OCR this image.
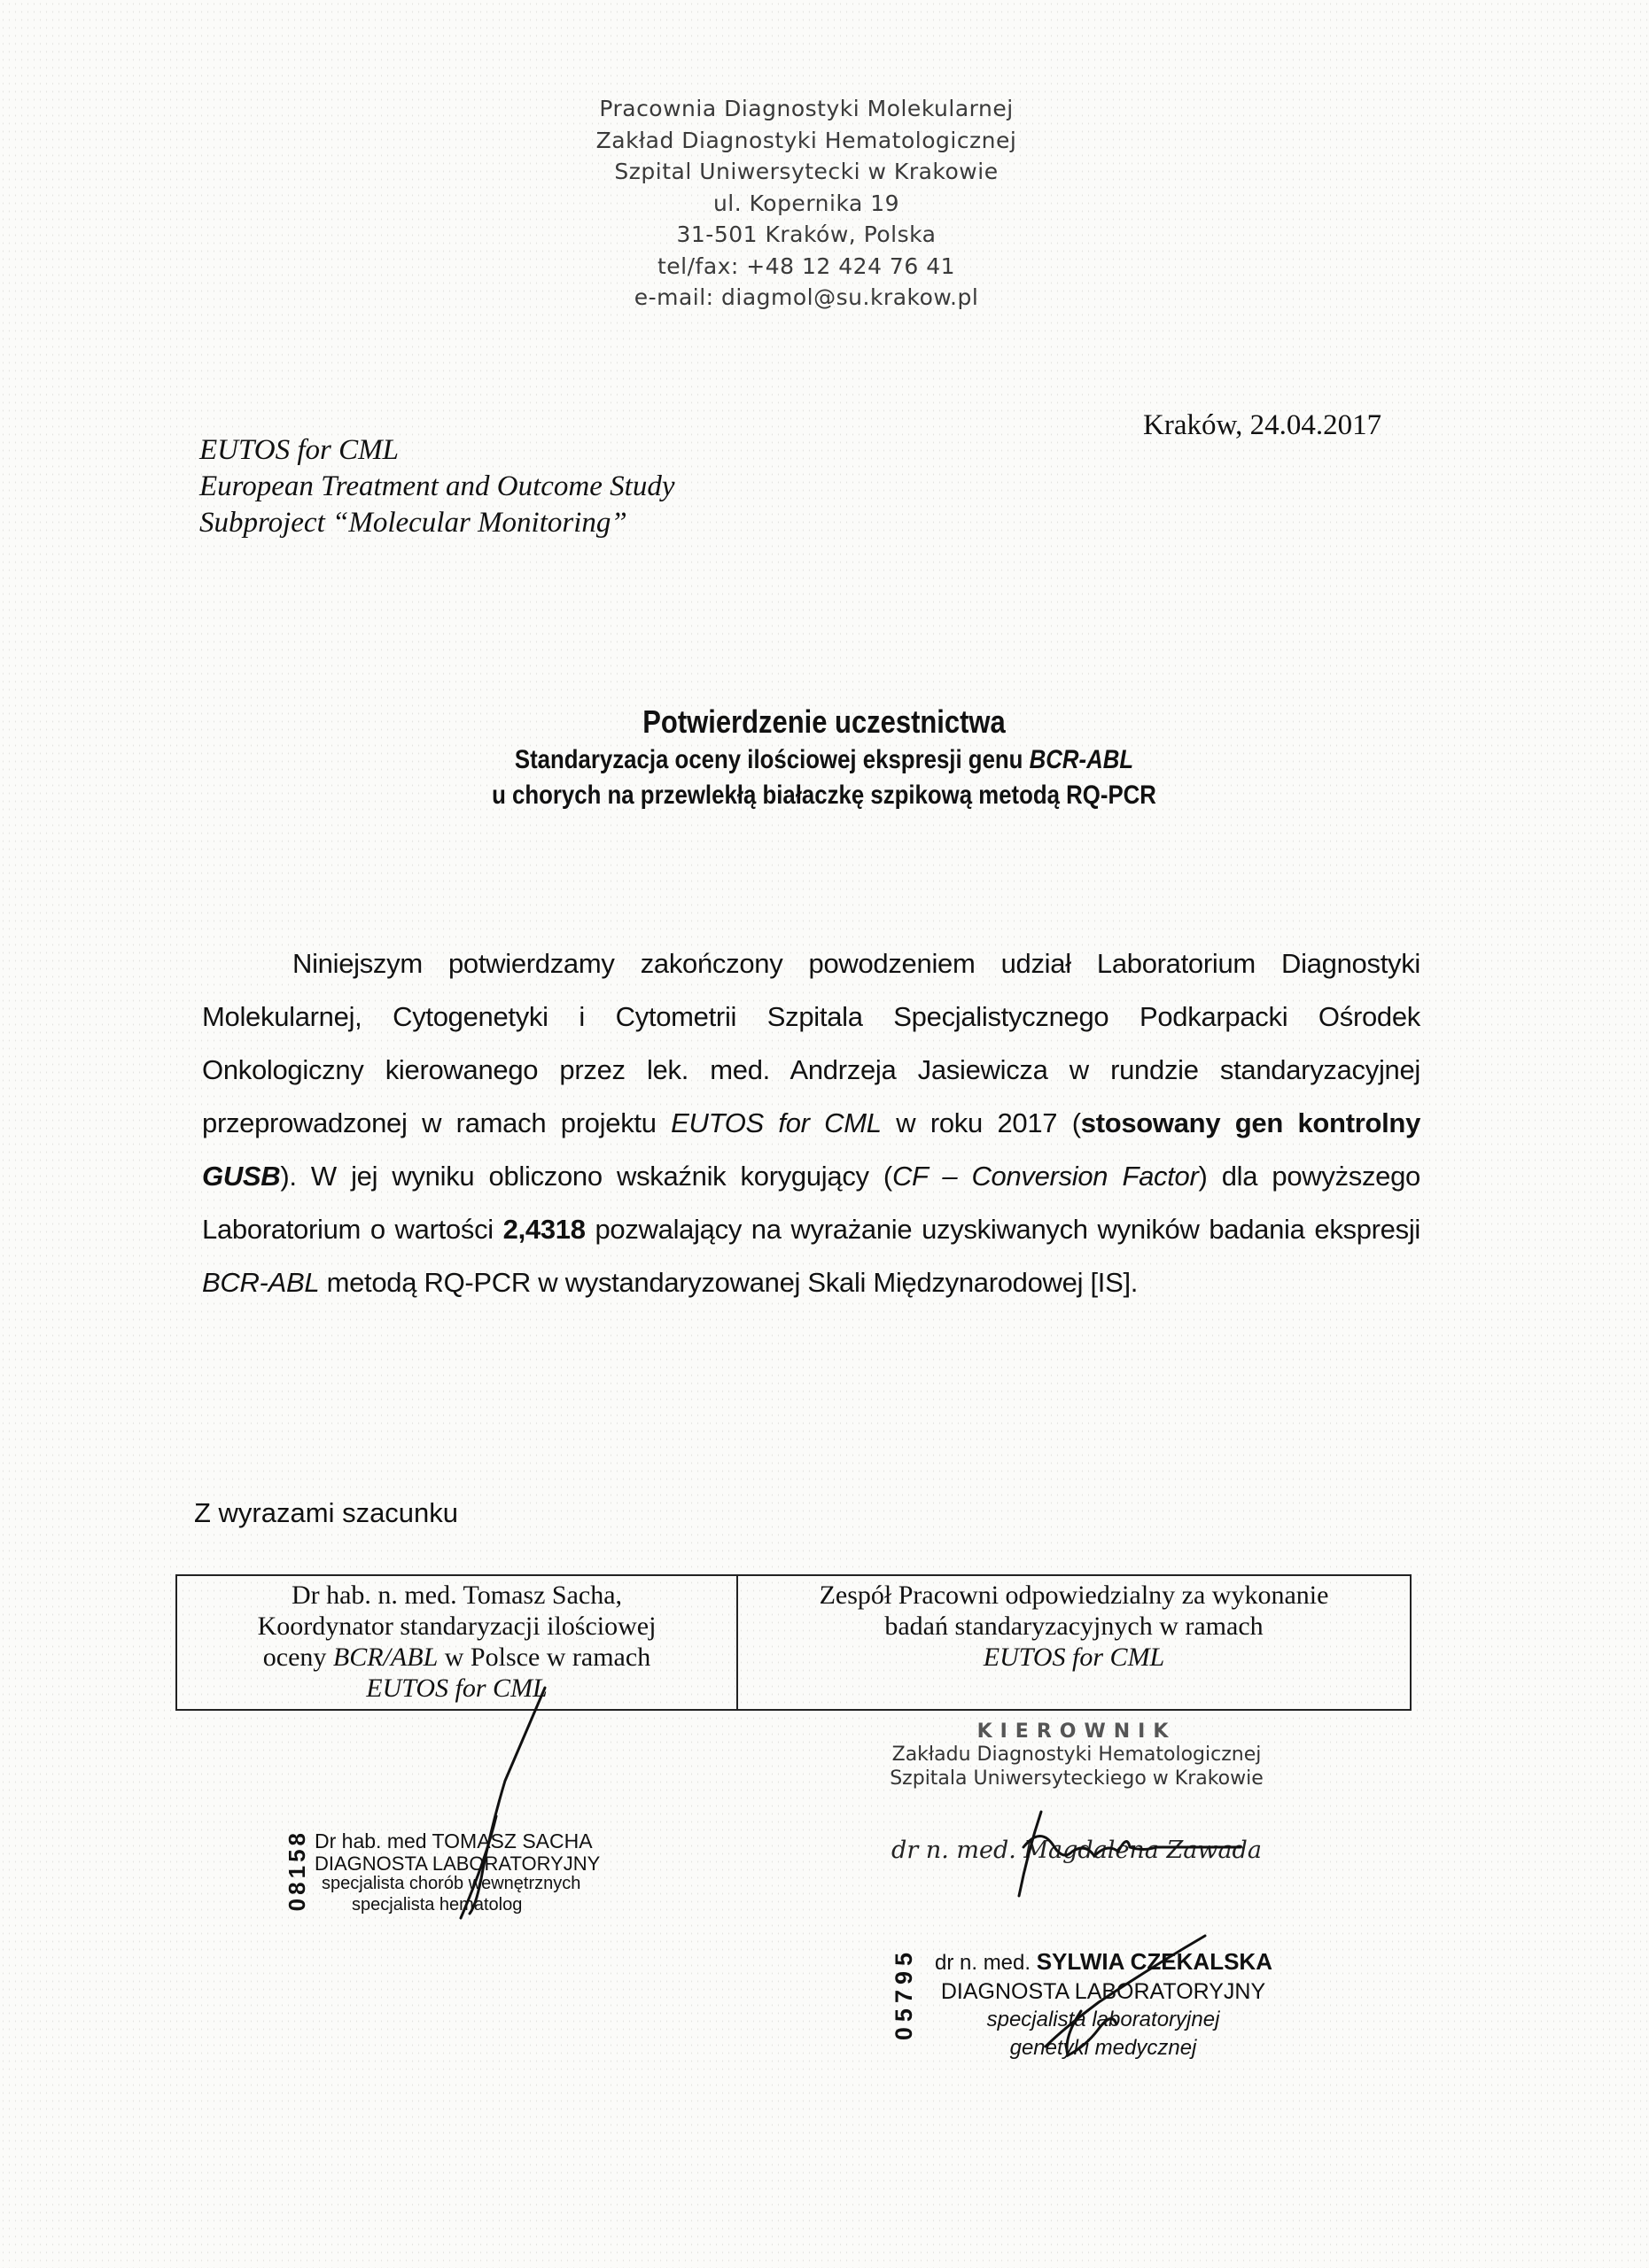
Pracownia Diagnostyki Molekularnej
Zakład Diagnostyki Hematologicznej
Szpital Uniwersytecki w Krakowie
ul. Kopernika 19
31-501 Kraków, Polska
tel/fax: +48 12 424 76 41
e-mail: diagmol@su.krakow.pl
Kraków, 24.04.2017
EUTOS for CML
European Treatment and Outcome Study
Subproject “Molecular Monitoring”
Potwierdzenie uczestnictwa
Standaryzacja oceny ilościowej ekspresji genu BCR-ABL
u chorych na przewlekłą białaczkę szpikową metodą RQ-PCR
Niniejszym potwierdzamy zakończony powodzeniem udział Laboratorium Diagnostyki Molekularnej, Cytogenetyki i Cytometrii Szpitala Specjalistycznego Podkarpacki Ośrodek Onkologiczny kierowanego przez lek. med. Andrzeja Jasiewicza w rundzie standaryzacyjnej przeprowadzonej w ramach projektu EUTOS for CML w roku 2017 (stosowany gen kontrolny GUSB). W jej wyniku obliczono wskaźnik korygujący (CF – Conversion Factor) dla powyższego Laboratorium o wartości 2,4318 pozwalający na wyrażanie uzyskiwanych wyników badania ekspresji BCR-ABL metodą RQ-PCR w wystandaryzowanej Skali Międzynarodowej [IS].
Z wyrazami szacunku
Dr hab. n. med. Tomasz Sacha,
Koordynator standaryzacji ilościowej
oceny BCR/ABL w Polsce w ramach
EUTOS for CML

Zespół Pracowni odpowiedzialny za wykonanie
badań standaryzacyjnych w ramach
EUTOS for CML
08158 Dr hab. med TOMASZ SACHA
DIAGNOSTA LABORATORYJNY
specjalista chorób wewnętrznych
specjalista hematolog
KIEROWNIK
Zakładu Diagnostyki Hematologicznej
Szpitala Uniwersyteckiego w Krakowie
dr n. med. Magdalena Zawada
05795 dr n. med. SYLWIA CZEKALSKA
DIAGNOSTA LABORATORYJNY
specjalista laboratoryjnej
genetyki medycznej
